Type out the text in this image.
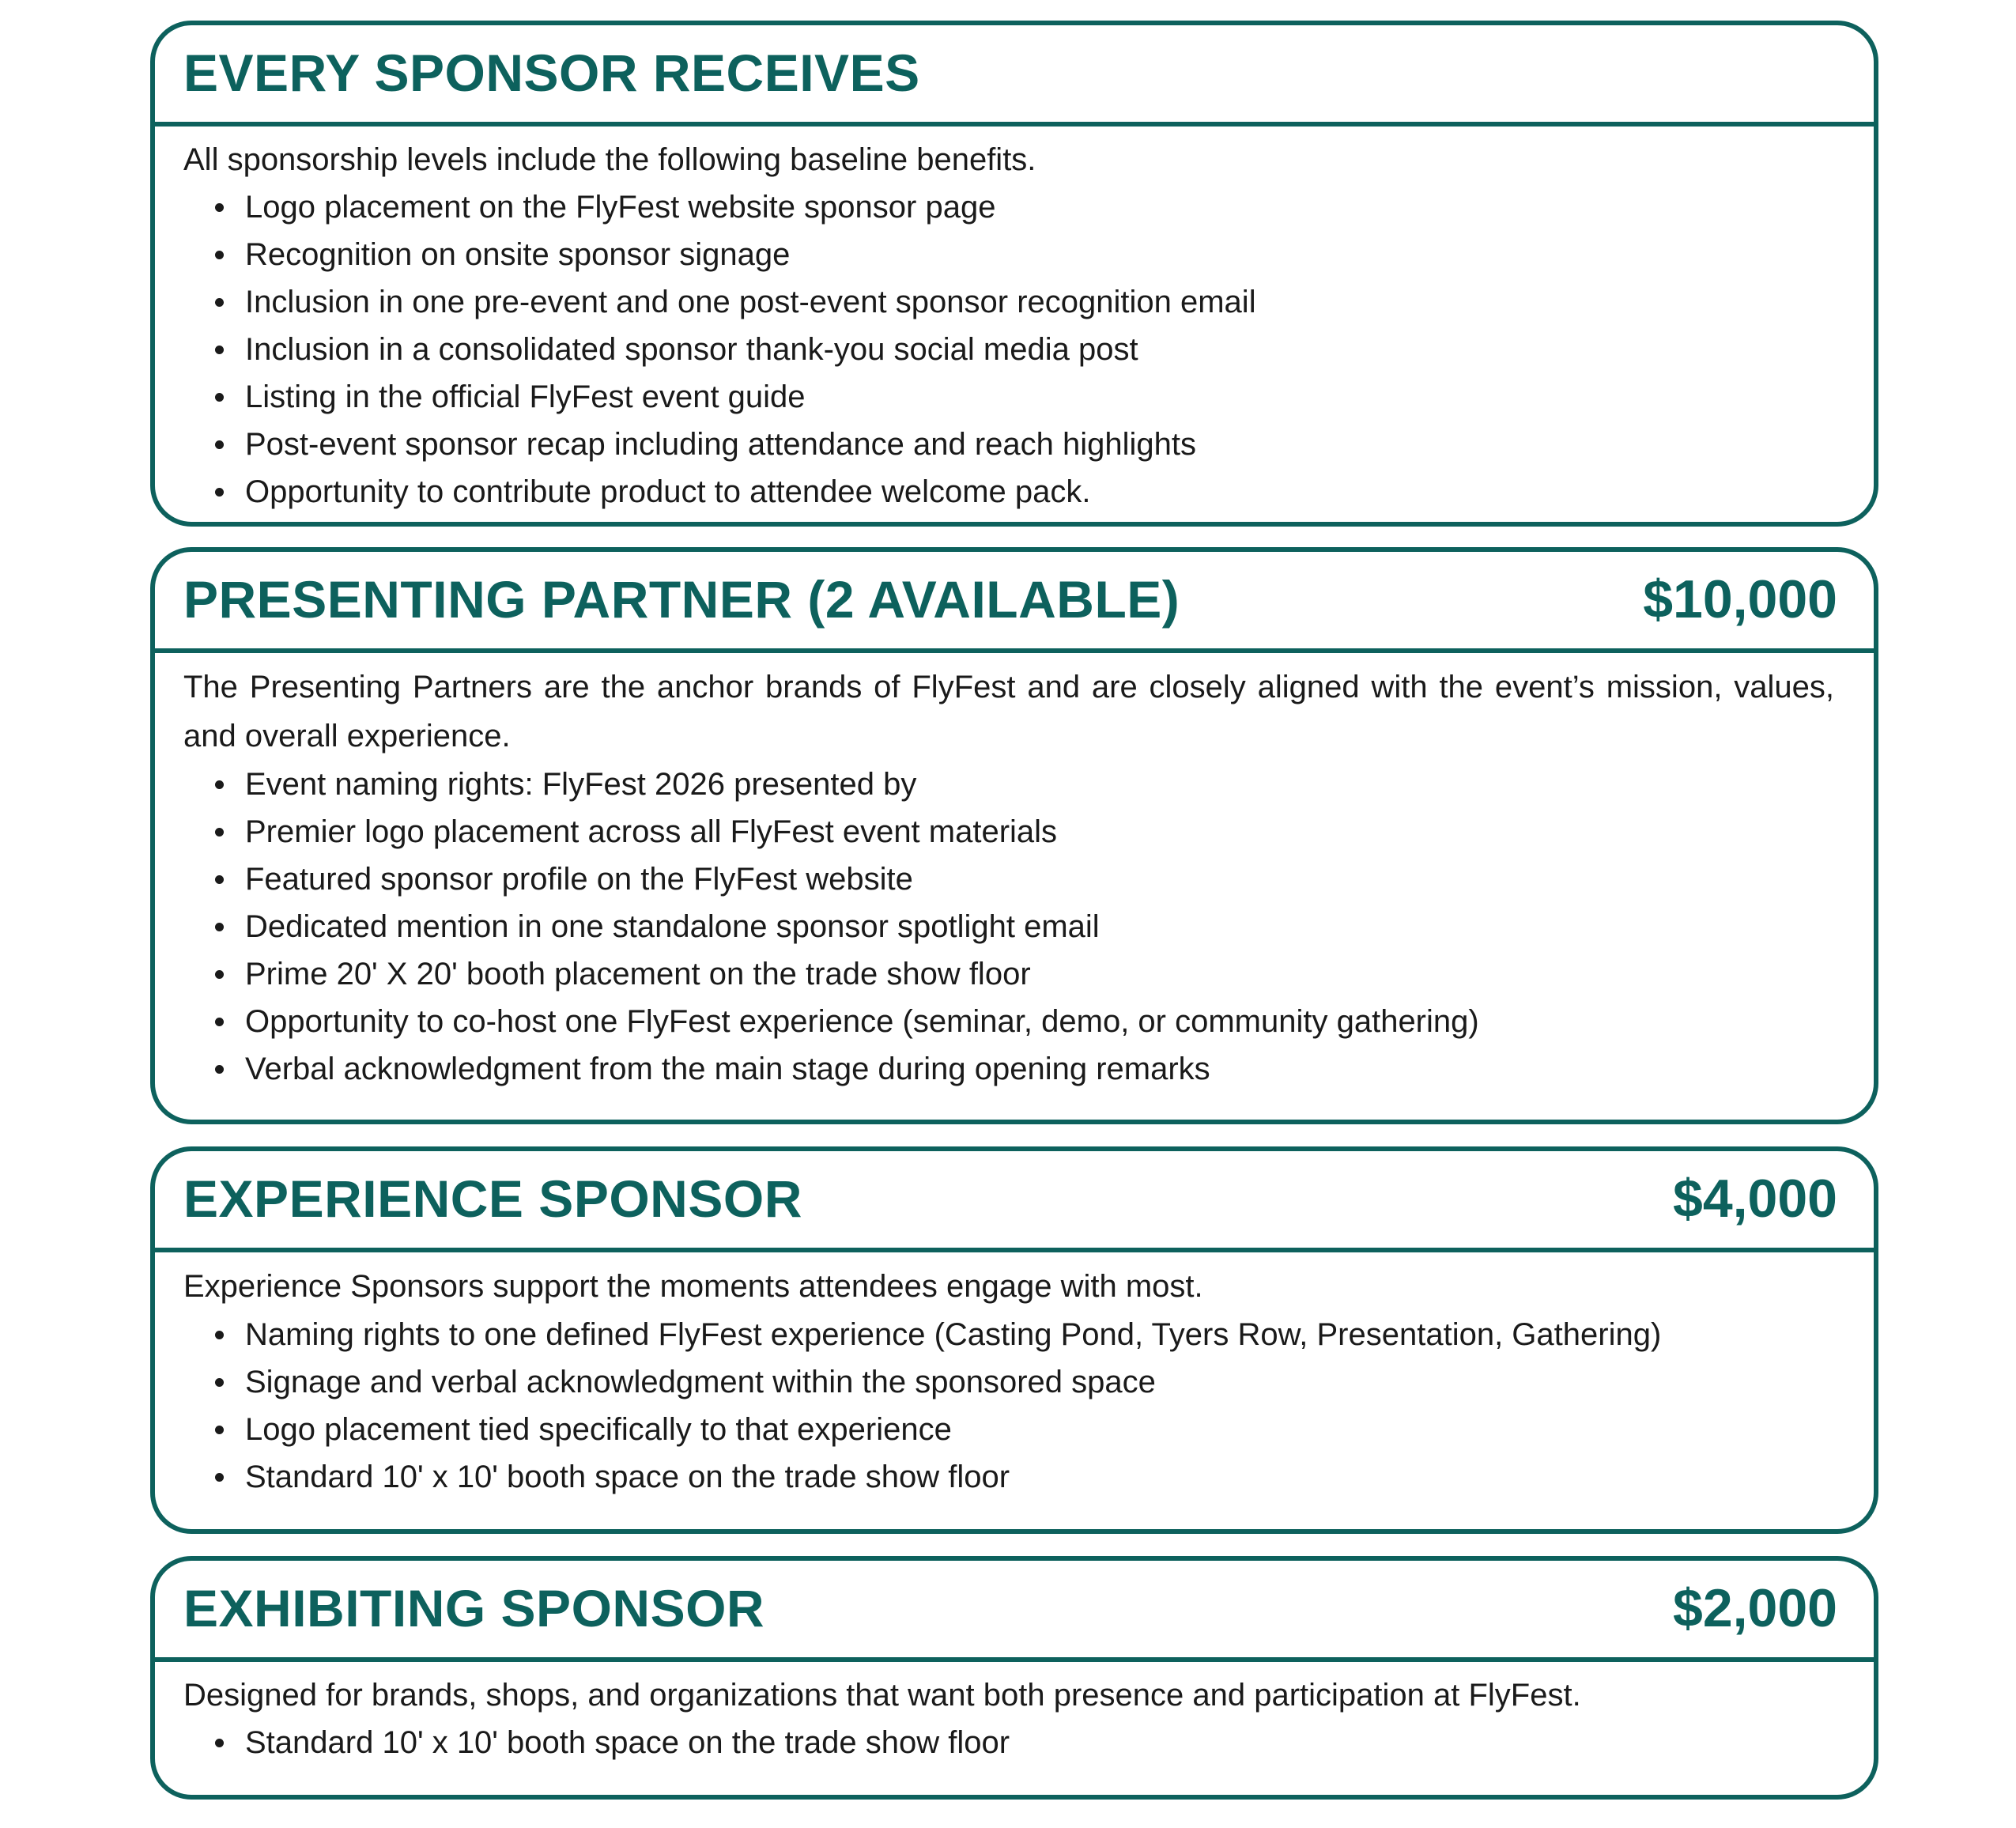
EVERY SPONSOR RECEIVES

All sponsorship levels include the following baseline benefits.

Logo placement on the FlyFest website sponsor page
Recognition on onsite sponsor signage
Inclusion in one pre-event and one post-event sponsor recognition email
Inclusion in a consolidated sponsor thank-you social media post
Listing in the official FlyFest event guide
Post-event sponsor recap including attendance and reach highlights
Opportunity to contribute product to attendee welcome pack.
PRESENTING PARTNER (2 AVAILABLE)	$10,000

The Presenting Partners are the anchor brands of FlyFest and are closely aligned with the event’s mission, values, and overall experience.

Event naming rights: FlyFest 2026 presented by
Premier logo placement across all FlyFest event materials
Featured sponsor profile on the FlyFest website
Dedicated mention in one standalone sponsor spotlight email
Prime 20' X 20' booth placement on the trade show floor
Opportunity to co-host one FlyFest experience (seminar, demo, or community gathering)
Verbal acknowledgment from the main stage during opening remarks
EXPERIENCE SPONSOR	$4,000

Experience Sponsors support the moments attendees engage with most.

Naming rights to one defined FlyFest experience (Casting Pond, Tyers Row, Presentation, Gathering)
Signage and verbal acknowledgment within the sponsored space
Logo placement tied specifically to that experience
Standard 10' x 10' booth space on the trade show floor
EXHIBITING SPONSOR	$2,000

Designed for brands, shops, and organizations that want both presence and participation at FlyFest.

Standard 10' x 10' booth space on the trade show floor
